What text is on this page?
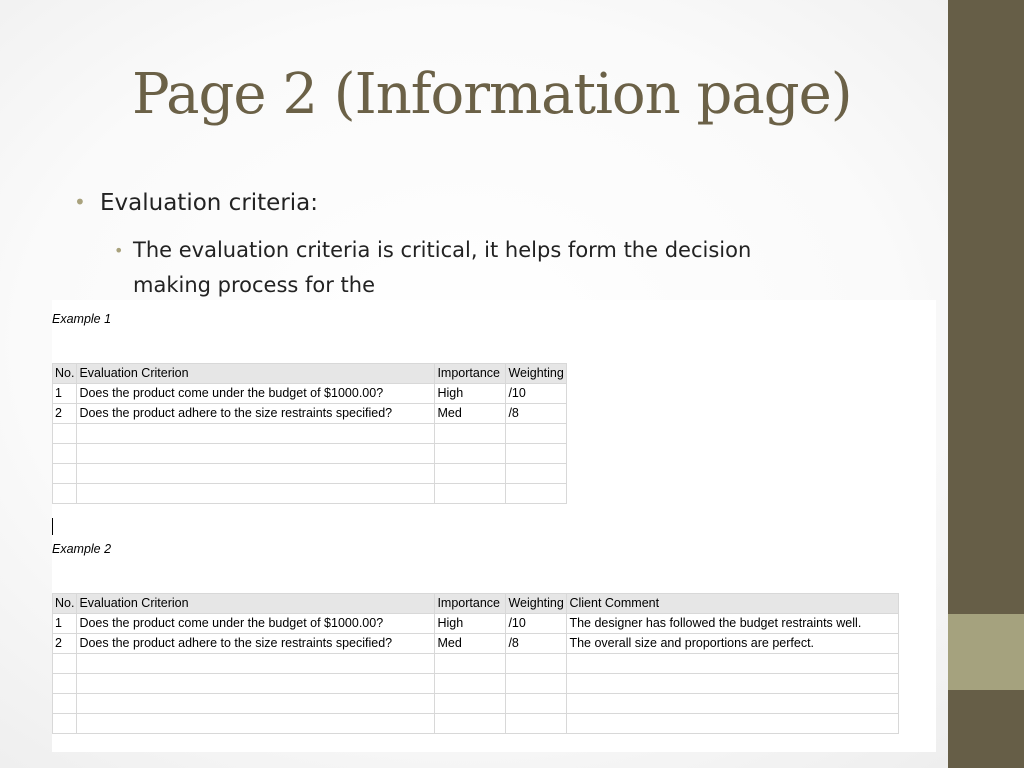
Page 2 (Information page)
• Evaluation criteria:
• The evaluation criteria is critical, it helps form the decision making process for the
Example 1
No.	Evaluation Criterion	Importance	Weighting
1	Does the product come under the budget of $1000.00?	High	/10
2	Does the product adhere to the size restraints specified?	Med	/8

Example 2
No.	Evaluation Criterion	Importance	Weighting	Client Comment
1	Does the product come under the budget of $1000.00?	High	/10	The designer has followed the budget restraints well.
2	Does the product adhere to the size restraints specified?	Med	/8	The overall size and proportions are perfect.
